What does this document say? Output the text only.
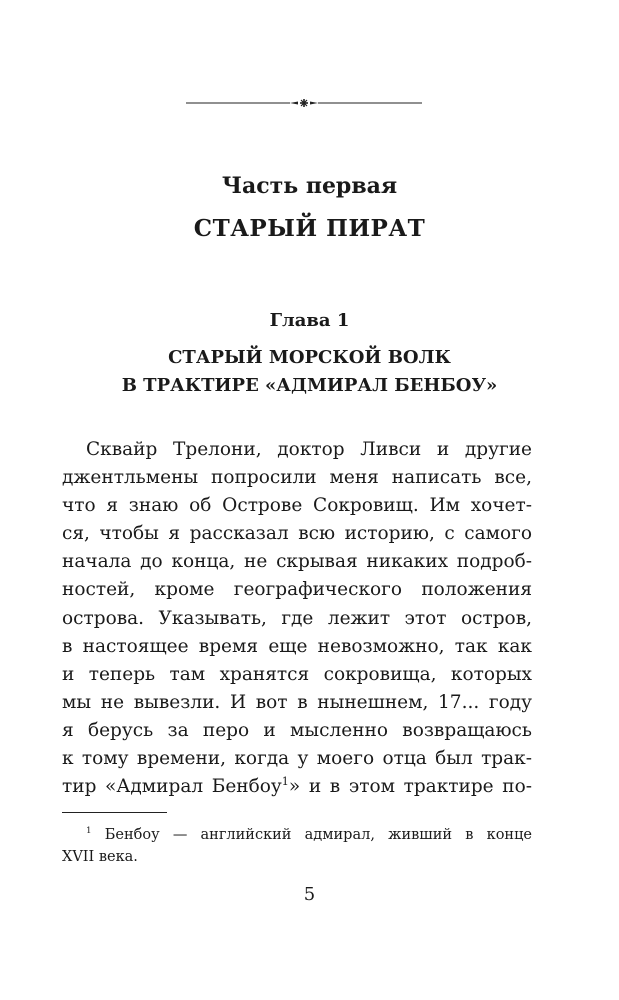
Часть первая
СТАРЫЙ ПИРАТ
Глава 1
СТАРЫЙ МОРСКОЙ ВОЛК
В ТРАКТИРЕ «АДМИРАЛ БЕНБОУ»
Сквайр Трелони, доктор Ливси и другие
джентльмены попросили меня написать все,
что я знаю об Острове Сокровищ. Им хочет-
ся, чтобы я рассказал всю историю, с самого
начала до конца, не скрывая никаких подроб-
ностей, кроме географического положения
острова. Указывать, где лежит этот остров,
в настоящее время еще невозможно, так как
и теперь там хранятся сокровища, которых
мы не вывезли. И вот в нынешнем, 17... году
я берусь за перо и мысленно возвращаюсь
к тому времени, когда у моего отца был трак-
тир «Адмирал Бенбоу$^1$» и в этом трактире по-
$^1$ Бенбоу — английский адмирал, живший в конце
XVII века.
5
